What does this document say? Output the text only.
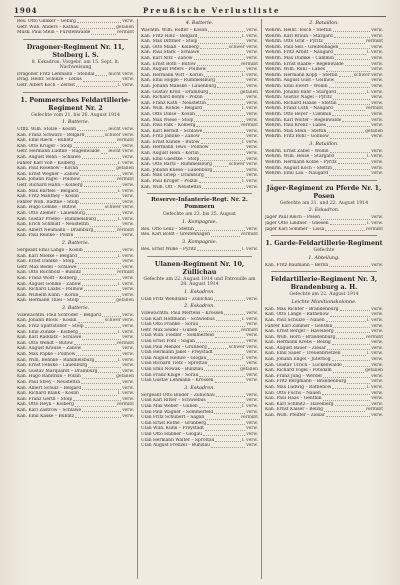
1904	Preußische Verlustliste
Res. Otto Glinker – Gebirg	verw.
Gefr. Wilh. Anders – Kathau	gefallen
Musk. Paul Stein – Fürstenwalde	vermißt
Dragoner-Regiment Nr. 11, Stolberg i. S.
8. Eskadron. Vorgebr. am 15. Sept. lt. Nachweisung
Dragoner Fritz Lehmann – Stendal	leicht verw.
Drag. Heinr. Schulze – Lebus	verw.
Gefr. Albert Koch – Zerbst	l. verw.
1. Pommersches Feldartillerie-Regiment Nr. 2
Gefechte vom 21. bis 26. August 1914
1. Batterie.
Utffz. Wilh. Stolze – Köslin	leicht verw.
Kan. Franz Schwarz – Belgard	schwer verw.
Kan. Emil Rieck – Bublitz	vermißt
Kan. Otto Krüger – Stolp	verw.
Gefr. Hermann Lüdtke – Rügenwalde leicht verw.
Kan. August Bohn – Schlawe	verw.
Fahrer Karl Voß – Kolberg	l. verw.
Kan. Paul Rosenow – Körlin	gefallen
Kan. Ernst Wegner – Zanow	verw.
Kan. Johann Pagel – Pollnow	vermißt
Gefr. Richard Hahn – Kolberg	verw.
Kan. Max Bartels – Belgard	l. verw.
Kan. Fritz Manthey – Köslin	verw.
Fahrer Wilh. Radtke – Stolp	verw.
Kan. Hugo Lemke – Bütow	schwer verw.
Kan. Otto Ziemer – Lauenburg	verw.
Kan. Gustav Priebe – Rummelsburg	l. verw.
Kan. Erich Schmidt – Neustettin	verw.
Kan. Albert Neumann – Dramburg	vermißt
Kan. Paul Reinke – Polzin	verw.
2. Batterie.
Sergeant Emil Lange – Köslin	verw.
Kan. Karl Mielke – Belgard	l. verw.
Kan. Ernst Dahlke – Stolp	verw.
Gefr. Max Redel – Schlawe	verw.
Kan. Otto Buchholz – Bublitz	vermißt
Kan. Franz Wolff – Kolberg	verw.
Kan. August Gohlke – Zanow	l. verw.
Kan. Richard Laabs – Pollnow	verw.
Kan. Wilhelm Kuhn – Körlin	verw.
Kan. Hermann Thiel – Stolp	gefallen
3. Batterie.
Vizewachtm. Paul Schröder – Belgard	verw.
Kan. Johann Block – Köslin	schwer verw.
Kan. Fritz Splittstößer – Stolp	verw.
Kan. Emil Zühlke – Kolberg	l. verw.
Kan. Karl Raddatz – Schlawe	verw.
Kan. Otto Wendt – Bütow	vermißt
Kan. August Krause – Zanow	verw.
Kan. Max Papke – Pollnow	verw.
Kan. Wilh. Behnke – Rummelsburg	l. verw.
Kan. Ernst Fenske – Lauenburg	verw.
Kan. Gustav Marquardt – Dramburg	verw.
Kan. Hugo Ramthun – Polzin	gefallen
Kan. Paul Strey – Neustettin	verw.
Kan. Albert Schulz – Belgard	verw.
Kan. Richard Blank – Köslin	l. verw.
Kan. Franz Gerth – Stolp	verw.
Kan. Otto Heyn – Kolberg	vermißt
Kan. Karl Zastrow – Schlawe	verw.
Kan. Emil Kaske – Bublitz	verw.
4. Batterie.
Wachtm. Wilh. Bölter – Köslin	verw.
Kan. Fritz Hinz – Belgard	l. verw.
Kan. Max Dittmer – Stolp	verw.
Kan. Otto Maaß – Kolberg	schwer verw.
Kan. Paul Stark – Schlawe	verw.
Kan. Karl Nitz – Zanow	verw.
Kan. Ernst Both – Bütow	vermißt
Kan. August Peters – Pollnow	verw.
Kan. Hermann Witt – Körlin	l. verw.
Kan. Emil Hoppe – Rummelsburg	verw.
Kan. Johann Manske – Lauenburg	verw.
Kan. Gustav Kroll – Dramburg	gefallen
Kan. Richard Böhm – Polzin	verw.
Kan. Franz Kath – Neustettin	verw.
Kan. Wilh. Rohde – Belgard	l. verw.
Kan. Otto Dinse – Köslin	verw.
Kan. Max Wiese – Stolp	verw.
Kan. Paul Falk – Kolberg	vermißt
Kan. Karl Berndt – Schlawe	verw.
Kan. Fritz Jahnke – Zanow	verw.
Kan. Ernst Kunde – Bütow	l. verw.
Kan. Hermann Tews – Pollnow	verw.
Kan. August Hein – Körlin	verw.
Kan. Emil Gaedtke – Stolp	verw.
Kan. Otto Bartz – Rummelsburg	schwer verw.
Kan. Johann Kliese – Lauenburg	verw.
Kan. Max Griep – Dramburg	verw.
Kan. Paul Krüger – Polzin	l. verw.
Kan. Wilh. Ott – Neustettin	verw.
Reserve-Infanterie-Regt. Nr. 2. Pommern
Gefechte am 23. bis 25. August
1. Kompagnie.
Res. Otto Lenz – Stettin	verw.
Res. Karl Boldt – Greifenhagen	vermißt
3. Kompagnie.
Res. Ernst Wilke – Pyritz	l. verw.
Ulanen-Regiment Nr. 10, Züllichau
Gefechte am 22. August 1914 und Patrouille am 28. August 1914
1. Eskadron.
Ulan Fritz Wendland – Züllichau	verw.
2. Eskadron.
Vizewachtm. Paul Mertens – Krossen	verw.
Ulan Karl Hoffmann – Schwiebus	l. verw.
Ulan Otto Franke – Sorau	verw.
Gefr. Max Seidel – Guben	vermißt
Ulan Wilh. Fiedler – Sommerfeld	verw.
Ulan Ernst Pohl – Sagan	verw.
Ulan Paul Menzel – Grünberg	schwer verw.
Ulan Hermann Jäkel – Freystadt	verw.
Ulan August Heinze – Glogau	l. verw.
Ulan Richard Tietz – Sprottau	verw.
Ulan Emil Nowak – Bunzlau	gefallen
Ulan Franz Kluge – Sorau	verw.
Ulan Gustav Lehmann – Krossen	verw.
3. Eskadron.
Sergeant Otto Binder – Züllichau	verw.
Ulan Karl Ritter – Schwiebus	verw.
Ulan Max Weber – Guben	l. verw.
Ulan Paul Wagner – Sommerfeld	verw.
Ulan Fritz Schubert – Sagan	vermißt
Ulan Ernst Rothe – Grünberg	verw.
Ulan Wilh. Kühn – Freystadt	verw.
Ulan Otto Hübner – Glogau	verw.
Ulan Hermann Walter – Sprottau	l. verw.
Ulan August Frenzel – Bunzlau	verw.
2. Bataillon.
Wehrm. Heinr. Tesch – Stettin	verw.
Wehrm. Karl Braun – Stargard	verw.
Wehrm. Otto Graf – Pyritz	vermißt
Wehrm. Paul Sell – Greifenhagen	verw.
Wehrm. Fritz Arndt – Naugard	l. verw.
Wehrm. Max Dumke – Cammin	verw.
Wehrm. Ernst Raabe – Regenwalde	verw.
Wehrm. Wilh. Rühl – Labes	verw.
Wehrm. Hermann Kopp – Stettin	schwer verw.
Wehrm. August Gust – Gollnow	verw.
Wehrm. Emil Ewert – Wollin	verw.
Wehrm. Johann Bahr – Stargard	l. verw.
Wehrm. Gustav Nagel – Pyritz	verw.
Wehrm. Richard Haase – Stettin	verw.
Wehrm. Franz Lüth – Naugard	vermißt
Wehrm. Otto Beyer – Cammin	verw.
Wehrm. Karl Wolter – Regenwalde	verw.
Wehrm. Paul Krenz – Labes	verw.
Wehrm. Max Stein – Stettin	gefallen
Wehrm. Fritz Bohl – Gollnow	verw.
3. Bataillon.
Wehrm. Ernst Zabel – Wollin	verw.
Wehrm. Wilh. Heise – Stargard	l. verw.
Wehrm. Hermann Kolbe – Pyritz	verw.
Wehrm. August Koch – Stettin	verw.
Wehrm. Emil Lau – Naugard	verw.
Jäger-Regiment zu Pferde Nr. 1, Posen
Gefechte am 21. und 22. August 1914
2. Eskadron.
Jäger Paul Reich – Posen	verw.
Jäger Otto Lindner – Gnesen	l. verw.
Jäger Karl Sommer – Lissa	vermißt
1. Garde-Feldartillerie-Regiment
Gefechte
1. Abteilung.
Kan. Fritz Baumann – Berlin	verw.
Feldartillerie-Regiment Nr. 3, Brandenburg a. H.
Gefechte am 22. August 1914
Leichte Munitionskolonne.
Kan. Max Richter – Brandenburg	verw.
Kan. Otto Lange – Rathenow	verw.
Kan. Paul Schulze – Nauen	l. verw.
Fahrer Karl Zimmer – Genthin	verw.
Kan. Ernst Berger – Havelberg	verw.
Kan. Wilh. Horn – Brandenburg	vermißt
Kan. Hermann Krebs – Belzig	verw.
Kan. August Bauer – Ziesar	verw.
Kan. Emil Sauer – Treuenbrietzen	l. verw.
Kan. Johann Engel – Jüterbog	verw.
Kan. Gustav Ulrich – Luckenwalde	verw.
Kan. Richard Vogel – Potsdam	gefallen
Kan. Franz Jung – Werder	verw.
Kan. Fritz Bergmann – Brandenburg	verw.
Kan. Max Ludwig – Rathenow	l. verw.
Kan. Otto Fuchs – Nauen	verw.
Kan. Paul Haas – Genthin	verw.
Kan. Karl Schmitz – Havelberg	verw.
Kan. Ernst Kaiser – Belzig	vermißt
Kan. Wilh. Pfeiffer – Ziesar	verw.
